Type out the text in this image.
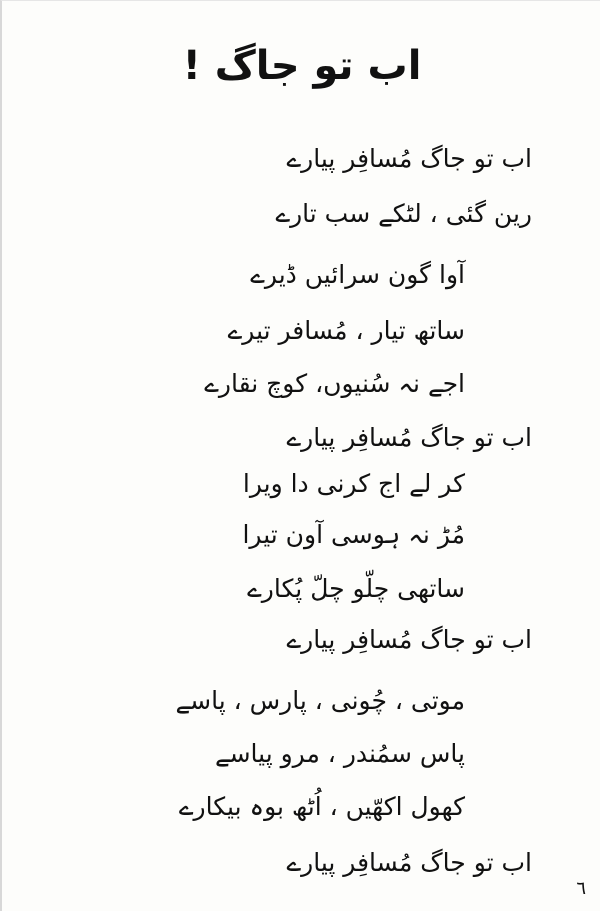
اب تو جاگ !
اب تو جاگ مُسافِر پیارے
رین گئی ، لٹکے سب تارے
آوا گون سرائیں ڈیرے
ساتھ تیار ، مُسافر تیرے
اجے نہ سُنیوں، کوچ نقارے
اب تو جاگ مُسافِر پیارے
کر لے اج کرنی دا ویرا
مُڑ نہ ہوسی آون تیرا
ساتھی چلّو چلّ پُکارے
اب تو جاگ مُسافِر پیارے
موتی ، چُونی ، پارس ، پاسے
پاس سمُندر ، مرو پیاسے
کھول اکھّیں ، اُٹھ بوہ بیکارے
اب تو جاگ مُسافِر پیارے
٦
